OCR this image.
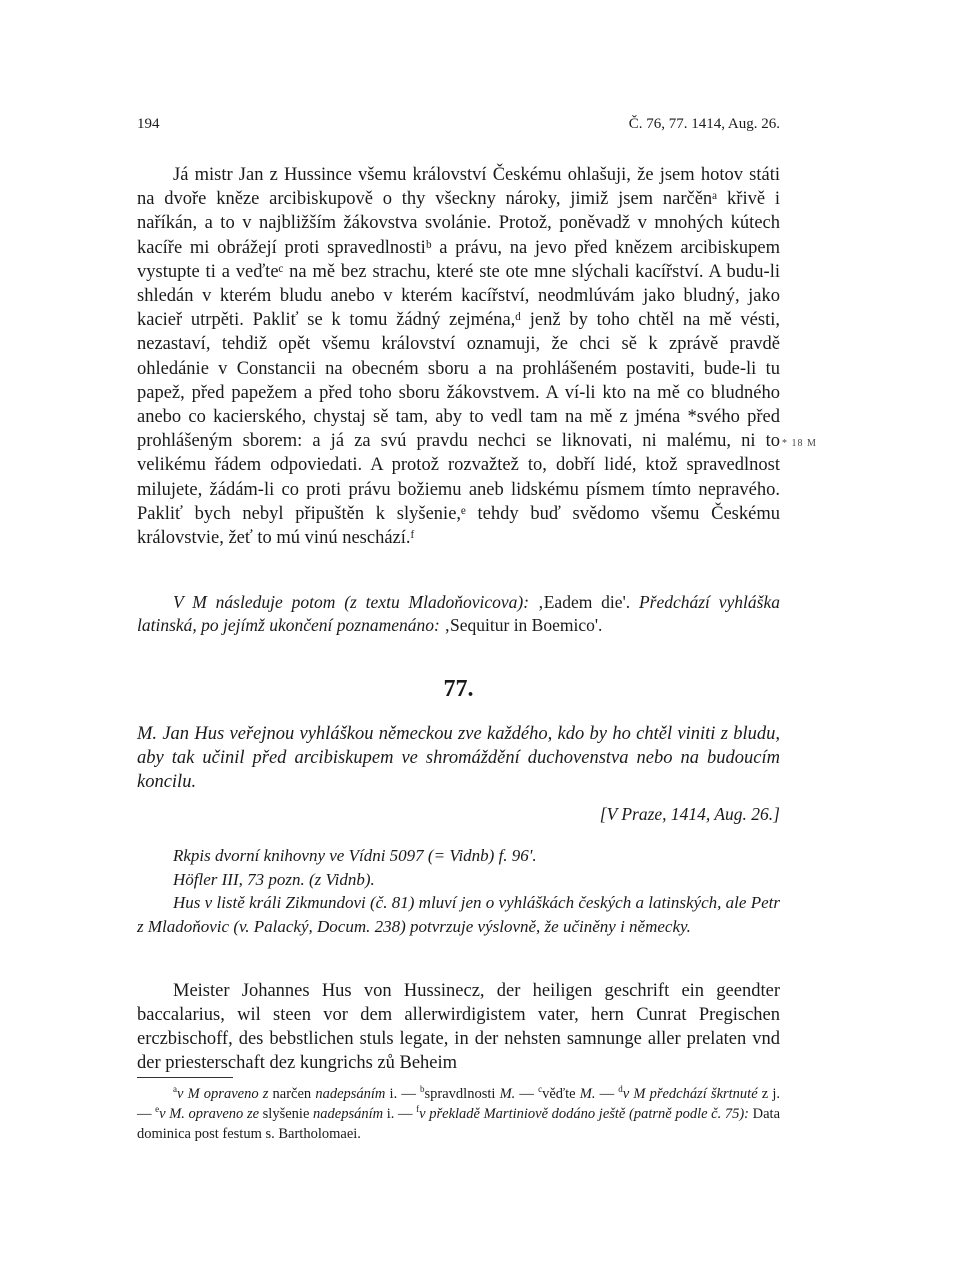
194	Č. 76, 77. 1414, Aug. 26.

Já mistr Jan z Hussince všemu království Českému ohlašuji, že jsem hotov státi na dvoře kněze arcibiskupově o thy všeckny nároky, jimiž jsem narčěnᵃ křivě i naříkán, a to v najbližším žákovstva svolánie. Protož, poněvadž v mnohých kútech kacíře mi obrážejí proti spravedlnostiᵇ a právu, na jevo před knězem arcibiskupem vystupte ti a veďteᶜ na mě bez strachu, které ste ote mne slýchali kacířství. A budu-li shledán v kterém bludu anebo v kterém kacířství, neodmlúvám jako bludný, jako kacieř utrpěti. Pakliť se k tomu žádný zejména,ᵈ jenž by toho chtěl na mě vésti, nezastaví, tehdiž opět všemu království oznamuji, že chci sě k zprávě pravdě ohledánie v Constancii na obecném sboru a na prohlášeném postaviti, bude-li tu papež, před papežem a před toho sboru žákovstvem. A ví-li kto na mě co bludného anebo co kacierského, chystaj sě tam, aby to vedl tam na mě z jména *svého před prohlášeným sborem: a já za svú pravdu nechci se liknovati, ni malému, ni to velikému řádem odpoviedati. A protož rozvažtež to, dobří lidé, ktož spravedlnost milujete, žádám-li co proti právu božiemu aneb lidskému písmem tímto nepravého. Pakliť bych nebyl připuštěn k slyšenie,ᵉ tehdy buď svědomo všemu Českému královstvie, žeť to mú vinú neschází.ᶠ

* 18 M

V M následuje potom (z textu Mladoňovicova): ‚Eadem die'. Předchází vyhláška latinská, po jejímž ukončení poznamenáno: ‚Sequitur in Boemico'.

77.

M. Jan Hus veřejnou vyhláškou německou zve každého, kdo by ho chtěl viniti z bludu, aby tak učinil před arcibiskupem ve shromáždění duchovenstva nebo na budoucím koncilu.

[V Praze, 1414, Aug. 26.]

Rkpis dvorní knihovny ve Vídni 5097 (= Vidnb) f. 96'.

Höfler III, 73 pozn. (z Vidnb).

Hus v listě králi Zikmundovi (č. 81) mluví jen o vyhláškách českých a latinských, ale Petr z Mladoňovic (v. Palacký, Docum. 238) potvrzuje výslovně, že učiněny i německy.

Meister Johannes Hus von Hussinecz, der heiligen geschrift ein geendter baccalarius, wil steen vor dem allerwirdigistem vater, hern Cunrat Pregischen erczbischoff, des bebstlichen stuls legate, in der nehsten samnunge aller prelaten vnd der priesterschaft dez kungrichs zů Beheim

$^a$v M opraveno z narčen nadepsáním i. — $^b$spravdlnosti M. — $^c$věďte M. — $^d$v M předchází škrtnuté z j. — $^e$v M. opraveno ze slyšenie nadepsáním i. — $^f$v překladě Martiniově dodáno ještě (patrně podle č. 75): Data dominica post festum s. Bartholomaei.
